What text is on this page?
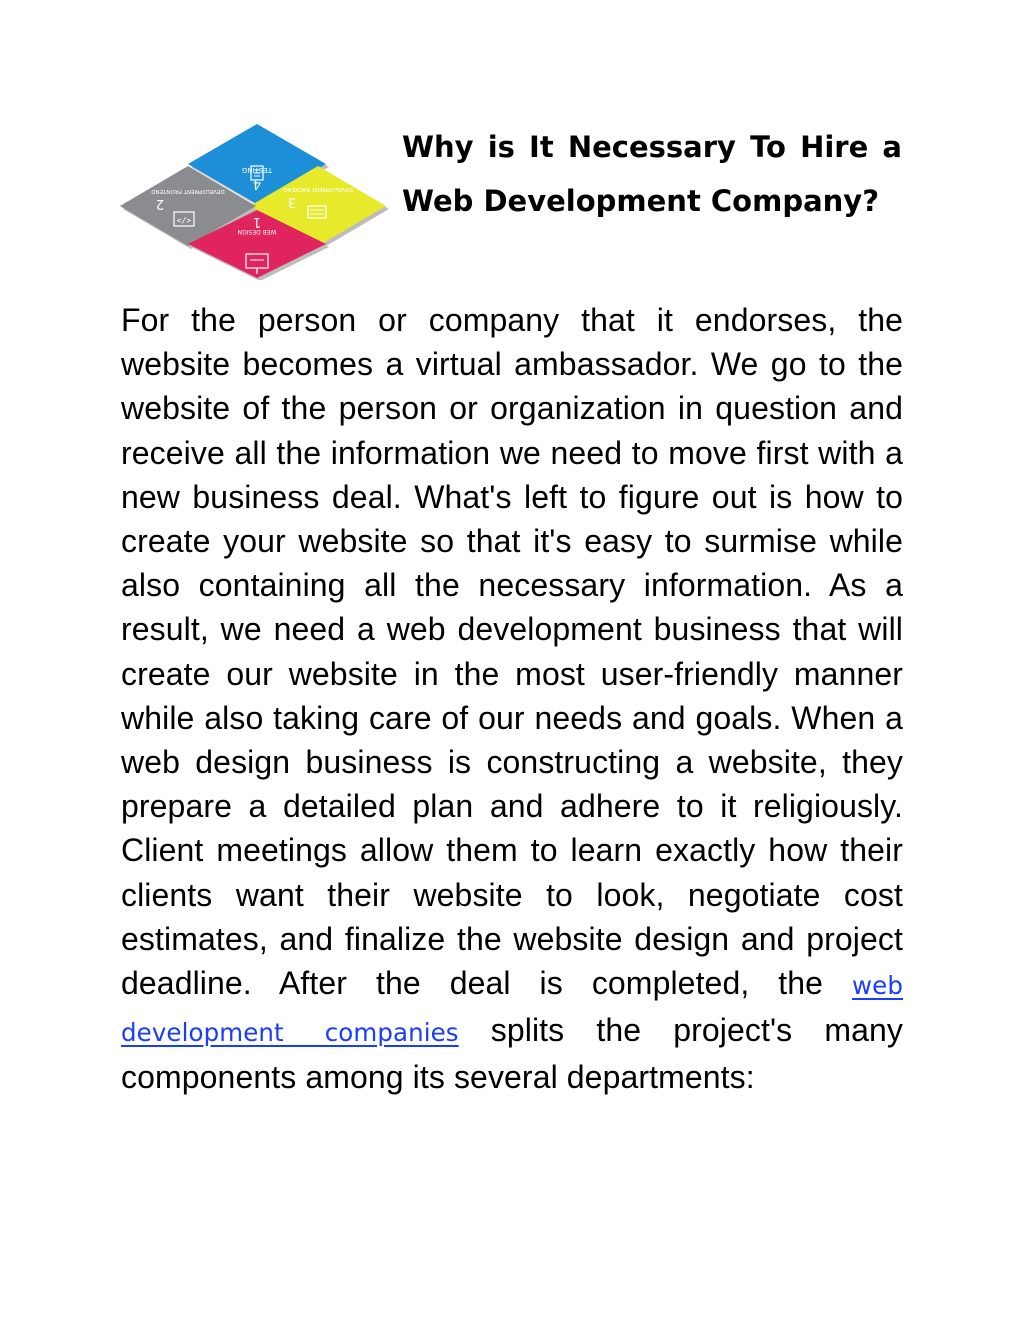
4
TESTING
3
DEVELOPMENT BACKEND
2
DEVELOPMENT FRONTEND
</>	1
WEB DESIGN
Why is It Necessary To Hire a Web Development Company?

For the person or company that it endorses, the website becomes a virtual ambassador. We go to the website of the person or organization in question and receive all the information we need to move first with a new business deal. What's left to figure out is how to create your website so that it's easy to surmise while also containing all the necessary information. As a result, we need a web development business that will create our website in the most user-friendly manner while also taking care of our needs and goals. When a web design business is constructing a website, they prepare a detailed plan and adhere to it religiously. Client meetings allow them to learn exactly how their clients want their website to look, negotiate cost estimates, and finalize the website design and project deadline. After the deal is completed, the web development companies splits the project's many components among its several departments:
